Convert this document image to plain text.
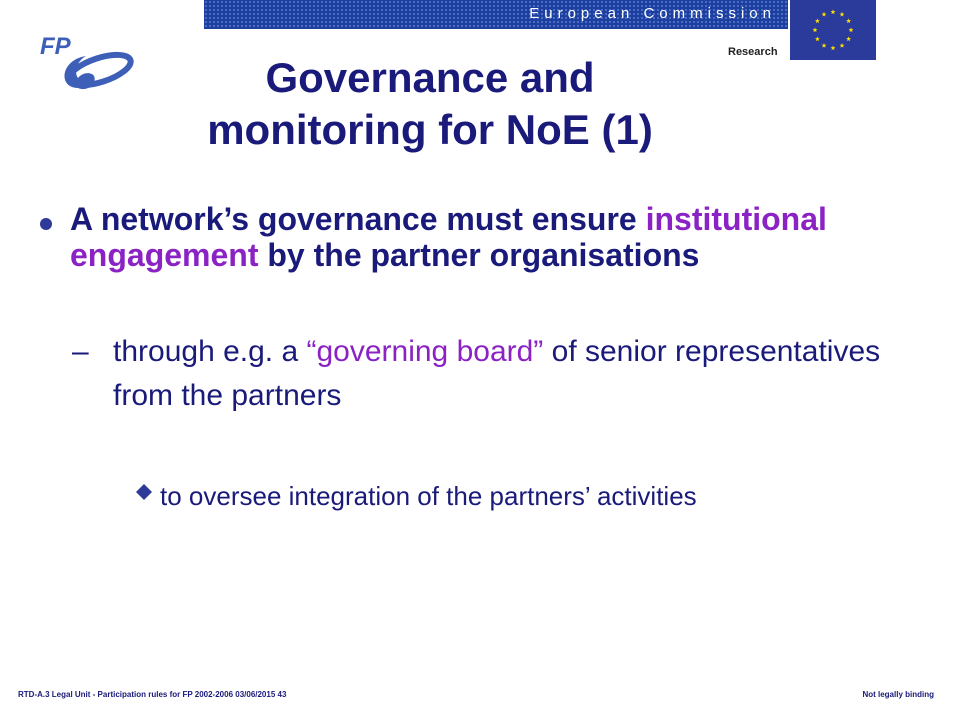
European Commission
Research
FP
Governance and
monitoring for NoE (1)
A network’s governance must ensure institutional engagement by the partner organisations
– through e.g. a “governing board” of senior representatives from the partners
to oversee integration of the partners’ activities
RTD-A.3 Legal Unit - Participation rules for FP 2002-2006 03/06/2015 43	Not legally binding
